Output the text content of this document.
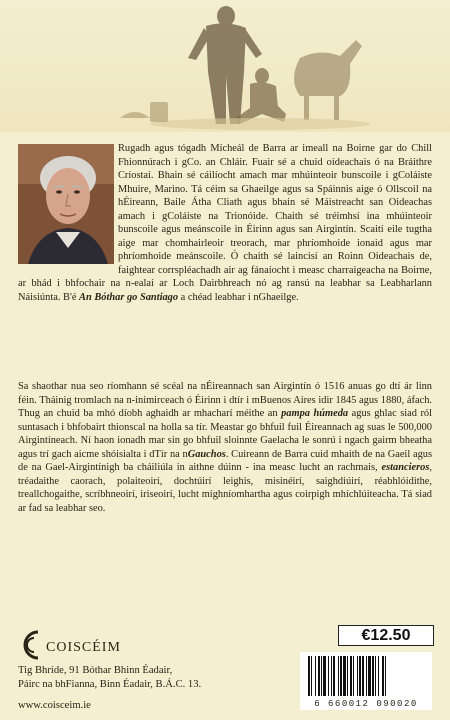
Rugadh agus tógadh Mícheál de Barra ar imeall na Boirne gar do Chill Fhionnúrach i gCo. an Chláir. Fuair sé a chuid oideachais ó na Bráithre Críostaí. Bhain sé cáilíocht amach mar mhúinteoir bunscoile i gColáiste Mhuire, Marino. Tá céim sa Ghaeilge agus sa Spáinnis aige ó Ollscoil na hÉireann, Baile Átha Cliath agus bhain sé Máistreacht san Oideachas amach i gColáiste na Trionóide. Chaith sé tréimhsí ina mhúinteoir bunscoile agus meánscoile in Éirinn agus san Airgintín. Scaití eile tugtha aige mar chomhairleoir treorach, mar phríomhoide ionaid agus mar phríomhoide meánscoile. Ó chaith sé laincisí an Roinn Oideachais de, faightear corrspléachadh air ag fánaíocht i measc charraigeacha na Boirne, ar bhád i bhfochair na n-ealaí ar Loch Dairbhreach nó ag ransú na leabhar sa Leabharlann Náisiúnta. B'é An Bóthar go Santiago a chéad leabhar i nGhaeilge.

Sa shaothar nua seo ríomhann sé scéal na nÉireannach san Airgintín ó 1516 anuas go dtí ár linn féin. Tháinig tromlach na n-inimirceach ó Éirinn i dtír i mBuenos Aires idir 1845 agus 1880, áfach. Thug an chuid ba mhó díobh aghaidh ar mhacharí méithe an pampa húmeda agus ghlac siad ról suntasach i bhfobairt thionscal na holla sa tír. Meastar go bhfuil fuil Éireannach ag suas le 500,000 Airgintíneach. Ní haon ionadh mar sin go bhfuil sloinnte Gaelacha le sonrú i ngach gairm bheatha agus trí gach aicme shóisialta i dTír na nGauchos. Cuireann de Barra cuid mhaith de na Gaeil agus de na Gael-Airgintínigh ba cháiliúla in aithne dúinn - ina measc lucht an rachmais, estancieros, tréadaithe caorach, polaiteoirí, dochtúirí leighis, misinéirí, saighdiúirí, réabhlóidithe, treallchogaithe, scríbhneoirí, iriseoirí, lucht míghníomhartha agus coirpigh mhíchlúiteacha. Tá siad ar fad sa leabhar seo.

COISCÉIM
Tig Bhríde, 91 Bóthar Bhinn Éadair,
Páirc na bhFianna, Binn Éadair, B.Á.C. 13.
www.coisceim.ie
€12.50
6 660012 090020
